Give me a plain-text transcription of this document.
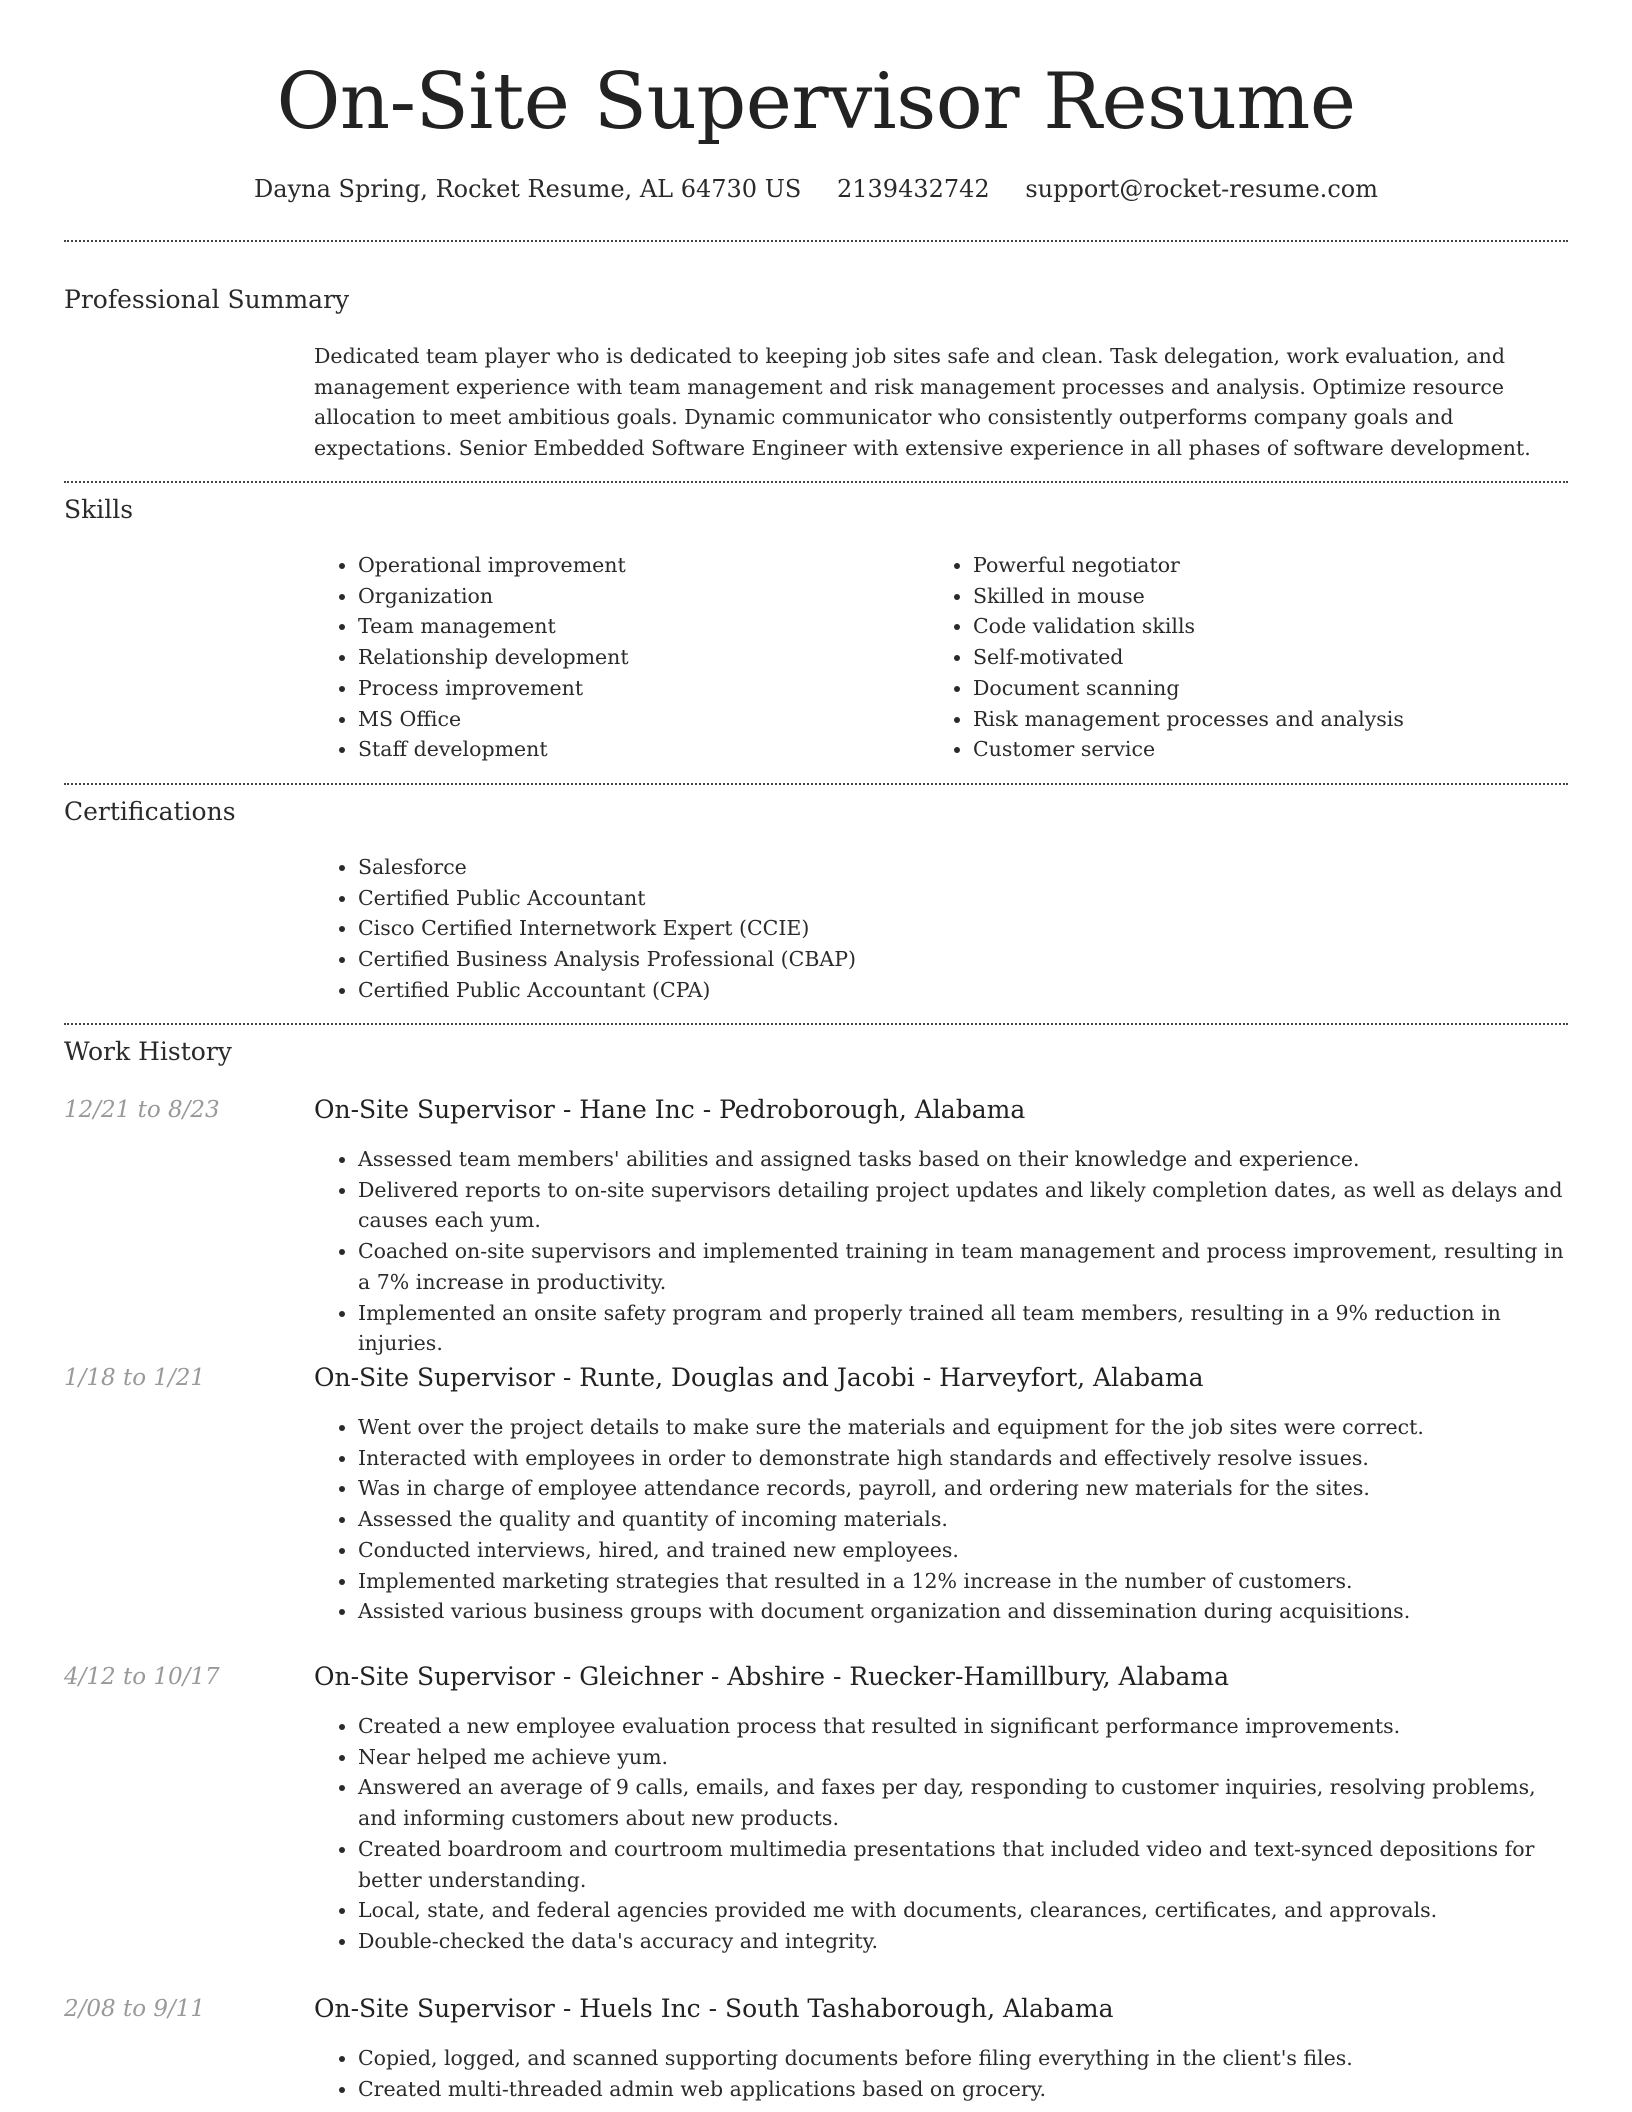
On-Site Supervisor Resume
Dayna Spring, Rocket Resume, AL 64730 US 2139432742 support@rocket-resume.com
Professional Summary
Dedicated team player who is dedicated to keeping job sites safe and clean. Task delegation, work evaluation, and management experience with team management and risk management processes and analysis. Optimize resource allocation to meet ambitious goals. Dynamic communicator who consistently outperforms company goals and expectations. Senior Embedded Software Engineer with extensive experience in all phases of software development.
Skills
• Operational improvement
• Organization
• Team management
• Relationship development
• Process improvement
• MS Office
• Staff development
• Powerful negotiator
• Skilled in mouse
• Code validation skills
• Self-motivated
• Document scanning
• Risk management processes and analysis
• Customer service
Certifications
• Salesforce
• Certified Public Accountant
• Cisco Certified Internetwork Expert (CCIE)
• Certified Business Analysis Professional (CBAP)
• Certified Public Accountant (CPA)
Work History
12/21 to 8/23	On-Site Supervisor - Hane Inc - Pedroborough, Alabama
• Assessed team members' abilities and assigned tasks based on their knowledge and experience.
• Delivered reports to on-site supervisors detailing project updates and likely completion dates, as well as delays and causes each yum.
• Coached on-site supervisors and implemented training in team management and process improvement, resulting in a 7% increase in productivity.
• Implemented an onsite safety program and properly trained all team members, resulting in a 9% reduction in injuries.
1/18 to 1/21	On-Site Supervisor - Runte, Douglas and Jacobi - Harveyfort, Alabama
• Went over the project details to make sure the materials and equipment for the job sites were correct.
• Interacted with employees in order to demonstrate high standards and effectively resolve issues.
• Was in charge of employee attendance records, payroll, and ordering new materials for the sites.
• Assessed the quality and quantity of incoming materials.
• Conducted interviews, hired, and trained new employees.
• Implemented marketing strategies that resulted in a 12% increase in the number of customers.
• Assisted various business groups with document organization and dissemination during acquisitions.
4/12 to 10/17	On-Site Supervisor - Gleichner - Abshire - Ruecker-Hamillbury, Alabama
• Created a new employee evaluation process that resulted in significant performance improvements.
• Near helped me achieve yum.
• Answered an average of 9 calls, emails, and faxes per day, responding to customer inquiries, resolving problems, and informing customers about new products.
• Created boardroom and courtroom multimedia presentations that included video and text-synced depositions for better understanding.
• Local, state, and federal agencies provided me with documents, clearances, certificates, and approvals.
• Double-checked the data's accuracy and integrity.
2/08 to 9/11	On-Site Supervisor - Huels Inc - South Tashaborough, Alabama
• Copied, logged, and scanned supporting documents before filing everything in the client's files.
• Created multi-threaded admin web applications based on grocery.
